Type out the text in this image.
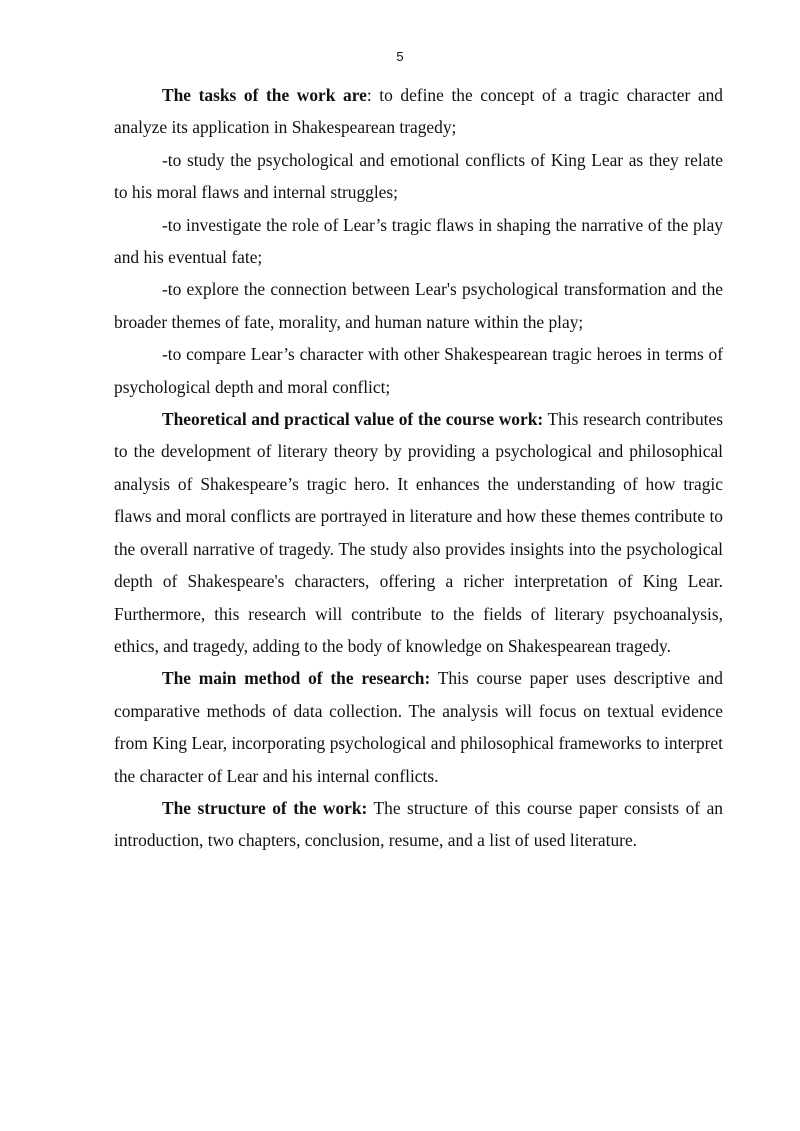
5

The tasks of the work are: to define the concept of a tragic character and analyze its application in Shakespearean tragedy;

-to study the psychological and emotional conflicts of King Lear as they relate to his moral flaws and internal struggles;

-to investigate the role of Lear’s tragic flaws in shaping the narrative of the play and his eventual fate;

-to explore the connection between Lear's psychological transformation and the broader themes of fate, morality, and human nature within the play;

-to compare Lear’s character with other Shakespearean tragic heroes in terms of psychological depth and moral conflict;

Theoretical and practical value of the course work: This research contributes to the development of literary theory by providing a psychological and philosophical analysis of Shakespeare’s tragic hero. It enhances the understanding of how tragic flaws and moral conflicts are portrayed in literature and how these themes contribute to the overall narrative of tragedy. The study also provides insights into the psychological depth of Shakespeare's characters, offering a richer interpretation of King Lear. Furthermore, this research will contribute to the fields of literary psychoanalysis, ethics, and tragedy, adding to the body of knowledge on Shakespearean tragedy.

The main method of the research: This course paper uses descriptive and comparative methods of data collection. The analysis will focus on textual evidence from King Lear, incorporating psychological and philosophical frameworks to interpret the character of Lear and his internal conflicts.

The structure of the work: The structure of this course paper consists of an introduction, two chapters, conclusion, resume, and a list of used literature.
